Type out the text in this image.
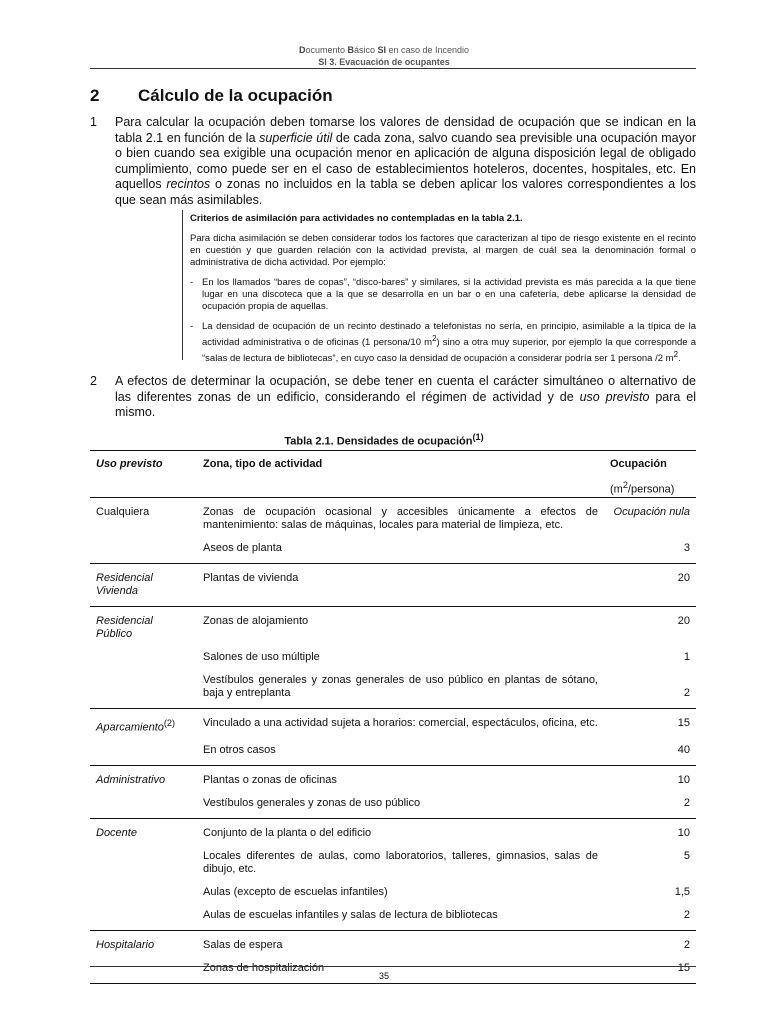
Documento Básico SI en caso de Incendio
SI 3. Evacuación de ocupantes
2 Cálculo de la ocupación
1 Para calcular la ocupación deben tomarse los valores de densidad de ocupación que se indican en la tabla 2.1 en función de la superficie útil de cada zona, salvo cuando sea previsible una ocupación mayor o bien cuando sea exigible una ocupación menor en aplicación de alguna disposición legal de obligado cumplimiento, como puede ser en el caso de establecimientos hoteleros, docentes, hospitales, etc. En aquellos recintos o zonas no incluidos en la tabla se deben aplicar los valores correspondientes a los que sean más asimilables.
Criterios de asimilación para actividades no contempladas en la tabla 2.1.

Para dicha asimilación se deben considerar todos los factores que caracterizan al tipo de riesgo existente en el recinto en cuestión y que guarden relación con la actividad prevista, al margen de cuál sea la denominación formal o administrativa de dicha actividad. Por ejemplo:

- En los llamados “bares de copas”, “disco-bares” y similares, si la actividad prevista es más parecida a la que tiene lugar en una discoteca que a la que se desarrolla en un bar o en una cafetería, debe aplicarse la densidad de ocupación propia de aquellas.
- La densidad de ocupación de un recinto destinado a telefonistas no sería, en principio, asimilable a la típica de la actividad administrativa o de oficinas (1 persona/10 $m^2$) sino a otra muy superior, por ejemplo la que corresponde a “salas de lectura de bibliotecas”, en cuyo caso la densidad de ocupación a considerar podría ser 1 persona /2 $m^2$.
2 A efectos de determinar la ocupación, se debe tener en cuenta el carácter simultáneo o alternativo de las diferentes zonas de un edificio, considerando el régimen de actividad y de uso previsto para el mismo.
Tabla 2.1. Densidades de ocupación$^{(1)}$
Uso previsto	Zona, tipo de actividad	Ocupación
$(m^2/persona)$

Cualquiera	Zonas de ocupación ocasional y accesibles únicamente a efectos de mantenimiento: salas de máquinas, locales para material de limpieza, etc.	Ocupación nula
	Aseos de planta	3
Residencial Vivienda	Plantas de vivienda	20
Residencial Público	Zonas de alojamiento	20
	Salones de uso múltiple	1
	Vestíbulos generales y zonas generales de uso público en plantas de sótano, baja y entreplanta	2
Aparcamiento$^{(2)}$	Vinculado a una actividad sujeta a horarios: comercial, espectáculos, oficina, etc.	15
	En otros casos	40
Administrativo	Plantas o zonas de oficinas	10
	Vestíbulos generales y zonas de uso público	2
Docente	Conjunto de la planta o del edificio	10
	Locales diferentes de aulas, como laboratorios, talleres, gimnasios, salas de dibujo, etc.	5
	Aulas (excepto de escuelas infantiles)	1,5
	Aulas de escuelas infantiles y salas de lectura de bibliotecas	2
Hospitalario	Salas de espera	2
	Zonas de hospitalización	15
35
